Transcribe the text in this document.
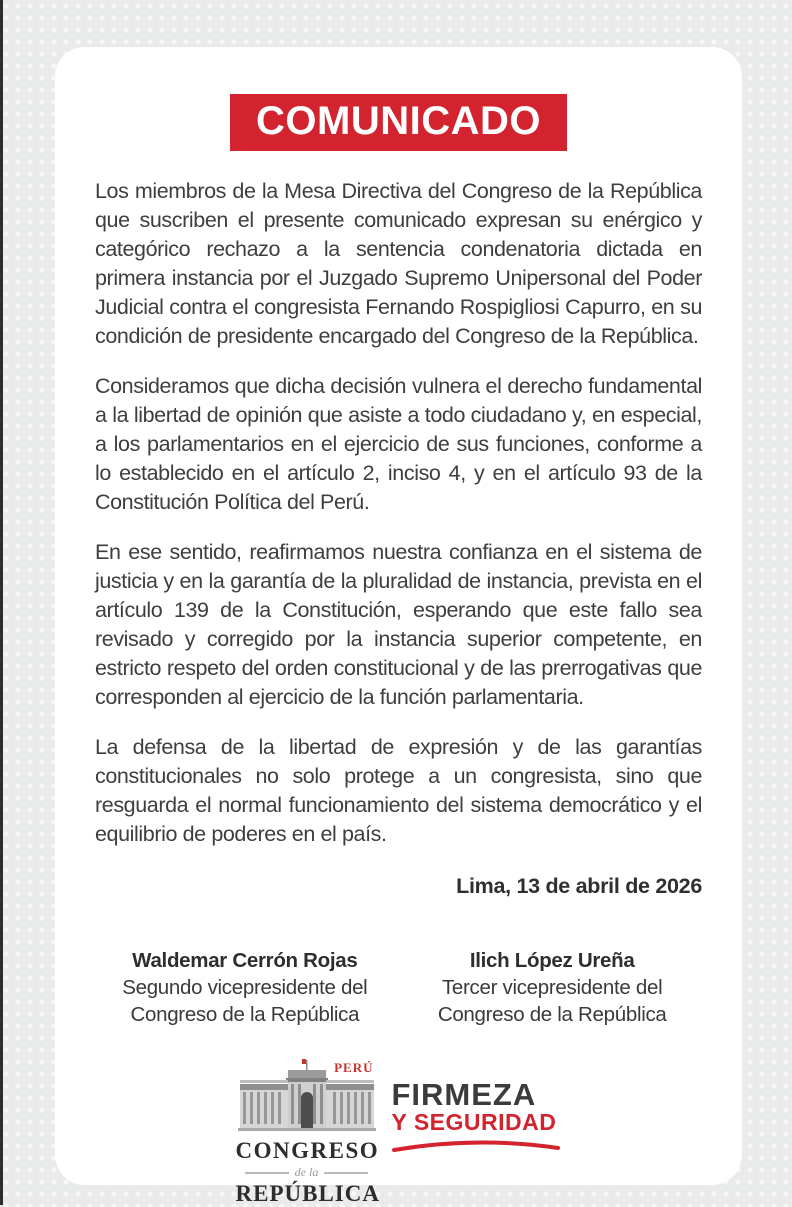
COMUNICADO

Los miembros de la Mesa Directiva del Congreso de la República que suscriben el presente comunicado expresan su enérgico y categórico rechazo a la sentencia condenatoria dictada en primera instancia por el Juzgado Supremo Unipersonal del Poder Judicial contra el congresista Fernando Rospigliosi Capurro, en su condición de presidente encargado del Congreso de la República.

Consideramos que dicha decisión vulnera el derecho fundamental a la libertad de opinión que asiste a todo ciudadano y, en especial, a los parlamentarios en el ejercicio de sus funciones, conforme a lo establecido en el artículo 2, inciso 4, y en el artículo 93 de la Constitución Política del Perú.

En ese sentido, reafirmamos nuestra confianza en el sistema de justicia y en la garantía de la pluralidad de instancia, prevista en el artículo 139 de la Constitución, esperando que este fallo sea revisado y corregido por la instancia superior competente, en estricto respeto del orden constitucional y de las prerrogativas que corresponden al ejercicio de la función parlamentaria.

La defensa de la libertad de expresión y de las garantías constitucionales no solo protege a un congresista, sino que resguarda el normal funcionamiento del sistema democrático y el equilibrio de poderes en el país.

Lima, 13 de abril de 2026
Waldemar Cerrón Rojas
Segundo vicepresidente del
Congreso de la República
Ilich López Ureña
Tercer vicepresidente del
Congreso de la República
PERÚ
CONGRESO
de la
REPÚBLICA
FIRMEZA
Y SEGURIDAD
